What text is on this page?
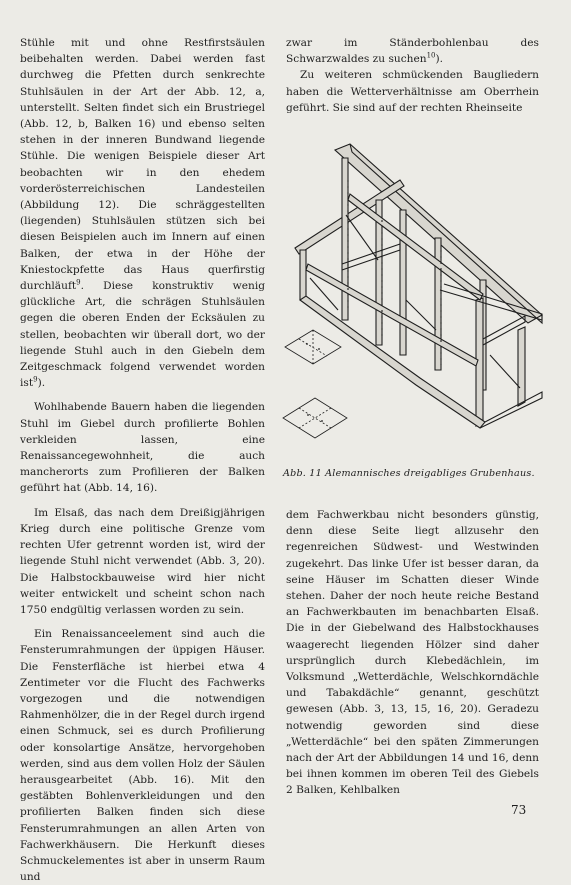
Stühle mit und ohne Restfirstsäulen beibehalten werden. Dabei werden fast durchweg die Pfetten durch senkrechte Stuhlsäulen in der Art der Abb. 12, a, unterstellt. Selten findet sich ein Brustriegel (Abb. 12, b, Balken 16) und ebenso selten stehen in der inneren Bundwand liegende Stühle. Die wenigen Beispiele dieser Art beobachten wir in den ehedem vorderösterreichischen Landesteilen (Abbildung 12). Die schräggestellten (liegenden) Stuhlsäulen stützen sich bei diesen Beispielen auch im Innern auf einen Balken, der etwa in der Höhe der Kniestockpfette das Haus querfirstig durchläuft$^9$. Diese konstruktiv wenig glückliche Art, die schrägen Stuhlsäulen gegen die oberen Enden der Ecksäulen zu stellen, beobachten wir überall dort, wo der liegende Stuhl auch in den Giebeln dem Zeitgeschmack folgend verwendet worden ist$^9$).

Wohlhabende Bauern haben die liegenden Stuhl im Giebel durch profilierte Bohlen verkleiden lassen, eine Renaissancegewohnheit, die auch mancherorts zum Profilieren der Balken geführt hat (Abb. 14, 16).

Im Elsaß, das nach dem Dreißigjährigen Krieg durch eine politische Grenze vom rechten Ufer getrennt worden ist, wird der liegende Stuhl nicht verwendet (Abb. 3, 20). Die Halbstockbauweise wird hier nicht weiter entwickelt und scheint schon nach 1750 endgültig verlassen worden zu sein.

Ein Renaissanceelement sind auch die Fensterumrahmungen der üppigen Häuser. Die Fensterfläche ist hierbei etwa 4 Zentimeter vor die Flucht des Fachwerks vorgezogen und die notwendigen Rahmenhölzer, die in der Regel durch irgend einen Schmuck, sei es durch Profilierung oder konsolartige Ansätze, hervorgehoben werden, sind aus dem vollen Holz der Säulen herausgearbeitet (Abb. 16). Mit den gestäbten Bohlenverkleidungen und den profilierten Balken finden sich diese Fensterumrahmungen an allen Arten von Fachwerkhäusern. Die Herkunft dieses Schmuckelementes ist aber in unserm Raum und

zwar im Ständerbohlenbau des Schwarzwaldes zu suchen$^{10}$).

Zu weiteren schmückenden Baugliedern haben die Wetterverhältnisse am Oberrhein geführt. Sie sind auf der rechten Rheinseite

Abb. 11 Alemannisches dreigabliges Grubenhaus.

dem Fachwerkbau nicht besonders günstig, denn diese Seite liegt allzusehr den regenreichen Südwest- und Westwinden zugekehrt. Das linke Ufer ist besser daran, da seine Häuser im Schatten dieser Winde stehen. Daher der noch heute reiche Bestand an Fachwerkbauten im benachbarten Elsaß. Die in der Giebelwand des Halbstockhauses waagerecht liegenden Hölzer sind daher ursprünglich durch Klebedächlein, im Volksmund „Wetterdächle, Welschkorndächle und Tabakdächle“ genannt, geschützt gewesen (Abb. 3, 13, 15, 16, 20). Geradezu notwendig geworden sind diese „Wetterdächle“ bei den späten Zimmerungen nach der Art der Abbildungen 14 und 16, denn bei ihnen kommen im oberen Teil des Giebels 2 Balken, Kehlbalken

73
